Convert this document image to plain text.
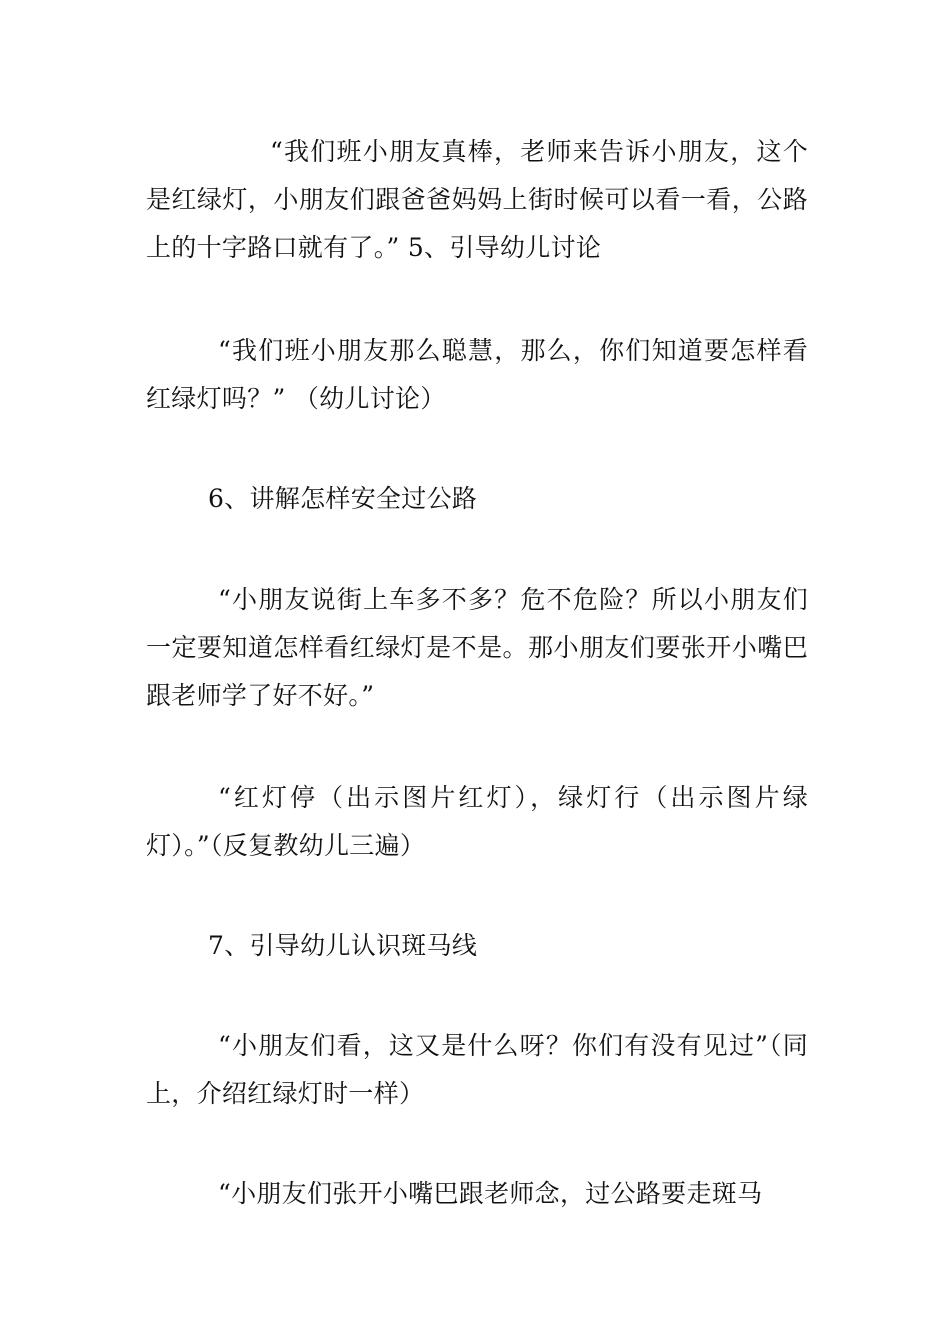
“我们班小朋友真棒，老师来告诉小朋友，这个是红绿灯，小朋友们跟爸爸妈妈上街时候可以看一看，公路上的十字路口就有了。” 5、引导幼儿讨论

“我们班小朋友那么聪慧，那么，你们知道要怎样看红绿灯吗？” （幼儿讨论）

6、讲解怎样安全过公路

“小朋友说街上车多不多？危不危险？所以小朋友们一定要知道怎样看红绿灯是不是。那小朋友们要张开小嘴巴跟老师学了好不好。”

“红灯停（出示图片红灯），绿灯行（出示图片绿灯）。”（反复教幼儿三遍）

7、引导幼儿认识斑马线

“小朋友们看，这又是什么呀？你们有没有见过”（同上，介绍红绿灯时一样）

“小朋友们张开小嘴巴跟老师念，过公路要走斑马
